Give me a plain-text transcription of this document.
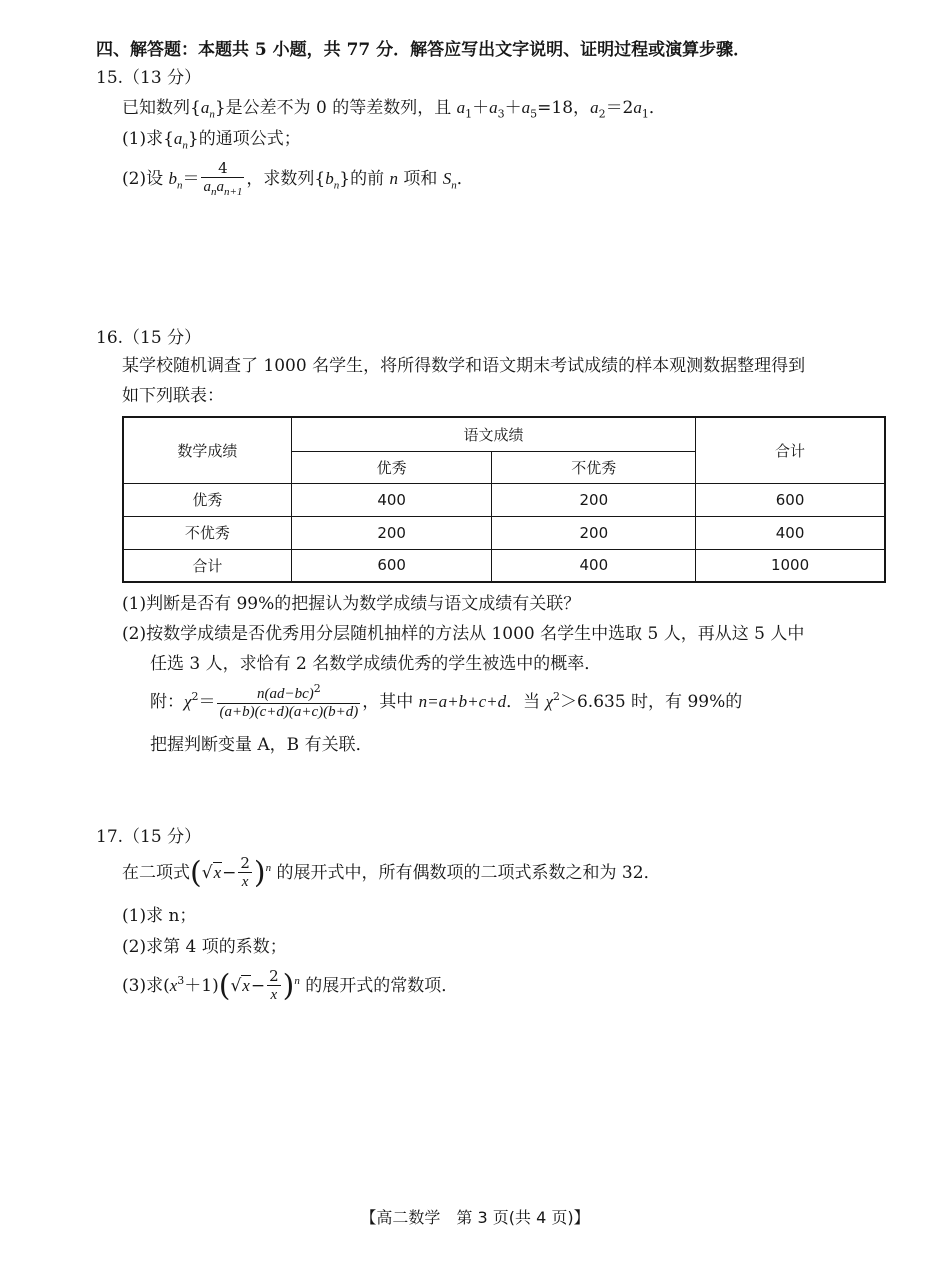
四、解答题：本题共 5 小题，共 77 分．解答应写出文字说明、证明过程或演算步骤．
15.（13 分）
已知数列$\{a_n\}$是公差不为 0 的等差数列，且 $a_1+a_3+a_5=18$，$a_2=2a_1$．
(1)求$\{a_n\}$的通项公式；
(2)设 $b_n= \frac{4}{a_na_{n+1}}$ ，求数列$\{b_n\}$的前 n 项和 $S_n$．
16.（15 分）
某学校随机调查了 1000 名学生，将所得数学和语文期末考试成绩的样本观测数据整理得到
如下列联表：
数学成绩	语文成绩		合计
	优秀	不优秀	
优秀	400	200	600
不优秀	200	200	400
合计	600	400	1000
(1)判断是否有 99%的把握认为数学成绩与语文成绩有关联？
(2)按数学成绩是否优秀用分层随机抽样的方法从 1000 名学生中选取 5 人，再从这 5 人中
任选 3 人，求恰有 2 名数学成绩优秀的学生被选中的概率．
附：$\chi^2= \frac{n(ad-bc)^2}{(a+b)(c+d)(a+c)(b+d)}$ ，其中 n=a+b+c+d．当 $\chi^2>6.635$ 时，有 99%的
把握判断变量 A，B 有关联．
17.（15 分）
在二项式$(√x- \frac{2}{x} )^n$ 的展开式中，所有偶数项的二项式系数之和为 32．
(1)求 n；
(2)求第 4 项的系数；
(3)求$(x^3+1)(√x- \frac{2}{x} )^n$ 的展开式的常数项．
【高二数学　第 3 页(共 4 页)】
